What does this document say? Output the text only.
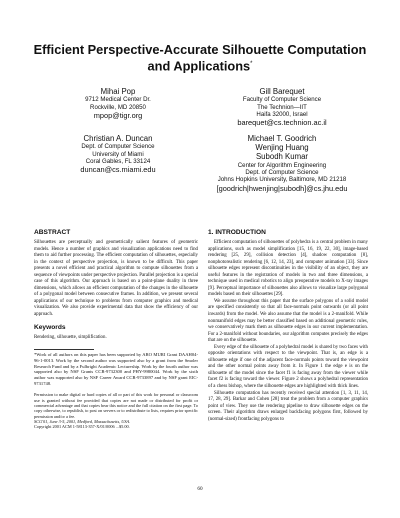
Efficient Perspective-Accurate Silhouette Computation
and Applications*
Mihai Pop
9712 Medical Center Dr.
Rockville, MD 20850
mpop@tigr.org
Gill Barequet
Faculty of Computer Science
The Technion—IIT
Haifa 32000, Israel
barequet@cs.technion.ac.il
Christian A. Duncan
Dept. of Computer Science
University of Miami
Coral Gables, FL 33124
duncan@cs.miami.edu
Michael T. Goodrich
Wenjing Huang
Subodh Kumar
Center for Algorithm Engineering
Dept. of Computer Science
Johns Hopkins University, Baltimore, MD 21218
[goodrich|hwenjing|subodh]@cs.jhu.edu
ABSTRACT

Silhouettes are perceptually and geometrically salient features of geometric models. Hence a number of graphics and visualization applications need to find them to aid further processing. The efficient computation of silhouettes, especially in the context of perspective projection, is known to be difficult. This paper presents a novel efficient and practical algorithm to compute silhouettes from a sequence of viewpoints under perspective projection. Parallel projection is a special case of this algorithm. Our approach is based on a point-plane duality in three dimensions, which allows an efficient computation of the changes in the silhouette of a polygonal model between consecutive frames. In addition, we present several applications of our technique to problems from computer graphics and medical visualization. We also provide experimental data that show the efficiency of our approach.

Keywords

Rendering, silhouette, simplification.

*Work of all authors on this paper has been supported by ARO MURI Grant DAAH04-96-1-0013. Work by the second author was supported also by a grant from the Smoler Research Fund and by a Fulbright Academic Lectureship. Work by the fourth author was supported also by NSF Grants CCR-9732300 and PHY-9980044. Work by the sixth author was supported also by NSF Career Award CCR-9733897 and by NSF grant EIC-9731748.

Permission to make digital or hard copies of all or part of this work for personal or classroom use is granted without fee provided that copies are not made or distributed for profit or commercial advantage and that copies bear this notice and the full citation on the first page. To copy otherwise, to republish, to post on servers or to redistribute to lists, requires prior specific permission and/or a fee.

SCG'01, June 3-5, 2001, Medford, Massachusetts, USA.

Copyright 2001 ACM 1-58113-357-X/01/0006 ...$5.00.

1. INTRODUCTION

Efficient computation of silhouettes of polyhedra is a central problem in many applications, such as model simplification [15, 16, 19, 22, 30], image-based rendering [25, 29], collision detection [4], shadow computation [8], nonphotorealistic rendering [6, 12, 14, 23], and computer animation [33]. Since silhouette edges represent discontinuities in the visibility of an object, they are useful features in the registration of models in two and three dimensions, a technique used in medical robotics to align preoperative models to X-ray images [9]. Perceptual importance of silhouettes also allows to visualize large polygonal models based on their silhouettes [29].

We assume throughout this paper that the surface polygons of a solid model are specified consistently so that all face-normals point outwards (or all point inwards) from the model. We also assume that the model is a 2-manifold. While nonmanifold edges may be better classified based on additional geometric rules, we conservatively mark them as silhouette edges in our current implementation. For a 2-manifold without boundaries, our algorithm computes precisely the edges that are on the silhouette.

Every edge of the silhouette of a polyhedral model is shared by two faces with opposite orientations with respect to the viewpoint. That is, an edge is a silhouette edge if one of the adjacent face-normals points toward the viewpoint and the other normal points away from it. In Figure 1 the edge e is on the silhouette of the model since the facet f1 is facing away from the viewer while facet f2 is facing toward the viewer. Figure 2 shows a polyhedral representation of a chess bishop, where the silhouette edges are highlighted with thick lines.

Silhouette computation has recently received special attention [1, 3, 11, 14, 17, 28, 29]. Barkar and Cohen [28] treat the problem from a computer graphics point of view. They use the rendering pipeline to draw silhouette edges on the screen. Their algorithm draws enlarged backfacing polygons first, followed by (normal-sized) frontfacing polygons to

60
